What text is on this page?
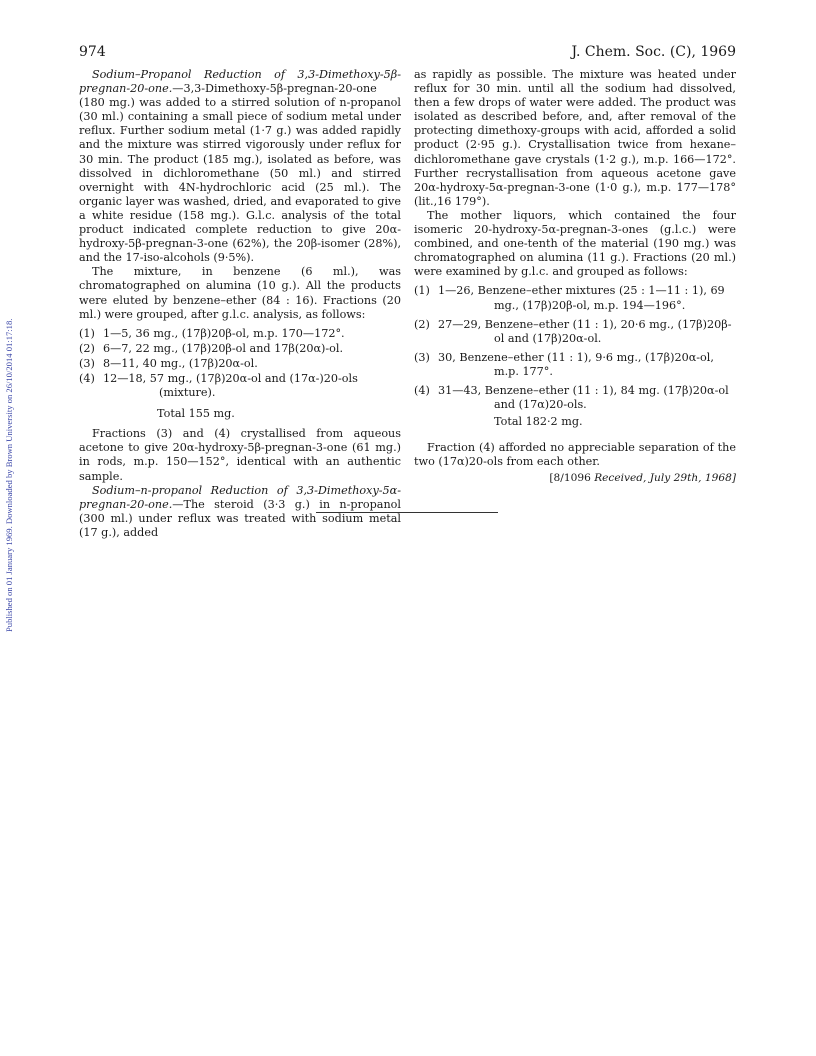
Published on 01 January 1969. Downloaded by Brown University on 26/10/2014 01:17:18.
974	J. Chem. Soc. (C), 1969

Sodium–Propanol Reduction of 3,3-Dimethoxy-5β-pregnan-20-one.—3,3-Dimethoxy-5β-pregnan-20-one (180 mg.) was added to a stirred solution of n-propanol (30 ml.) containing a small piece of sodium metal under reflux. Further sodium metal (1·7 g.) was added rapidly and the mixture was stirred vigorously under reflux for 30 min. The product (185 mg.), isolated as before, was dissolved in dichloromethane (50 ml.) and stirred overnight with 4N-hydrochloric acid (25 ml.). The organic layer was washed, dried, and evaporated to give a white residue (158 mg.). G.l.c. analysis of the total product indicated complete reduction to give 20α-hydroxy-5β-pregnan-3-one (62%), the 20β-isomer (28%), and the 17-iso-alcohols (9·5%).

The mixture, in benzene (6 ml.), was chromatographed on alumina (10 g.). All the products were eluted by benzene–ether (84 : 16). Fractions (20 ml.) were grouped, after g.l.c. analysis, as follows:

(1) 1—5, 36 mg., (17β)20β-ol, m.p. 170—172°.
(2) 6—7, 22 mg., (17β)20β-ol and 17β(20α)-ol.
(3) 8—11, 40 mg., (17β)20α-ol.
(4) 12—18, 57 mg., (17β)20α-ol and (17α-)20-ols (mixture).
Total 155 mg.

Fractions (3) and (4) crystallised from aqueous acetone to give 20α-hydroxy-5β-pregnan-3-one (61 mg.) in rods, m.p. 150—152°, identical with an authentic sample.

Sodium–n-propanol Reduction of 3,3-Dimethoxy-5α-pregnan-20-one.—The steroid (3·3 g.) in n-propanol (300 ml.) under reflux was treated with sodium metal (17 g.), added

as rapidly as possible. The mixture was heated under reflux for 30 min. until all the sodium had dissolved, then a few drops of water were added. The product was isolated as described before, and, after removal of the protecting dimethoxy-groups with acid, afforded a solid product (2·95 g.). Crystallisation twice from hexane–dichloromethane gave crystals (1·2 g.), m.p. 166—172°. Further recrystallisation from aqueous acetone gave 20α-hydroxy-5α-pregnan-3-one (1·0 g.), m.p. 177—178° (lit.,16 179°).

The mother liquors, which contained the four isomeric 20-hydroxy-5α-pregnan-3-ones (g.l.c.) were combined, and one-tenth of the material (190 mg.) was chromatographed on alumina (11 g.). Fractions (20 ml.) were examined by g.l.c. and grouped as follows:

(1) 1—26, Benzene–ether mixtures (25 : 1—11 : 1), 69 mg., (17β)20β-ol, m.p. 194—196°.
(2) 27—29, Benzene–ether (11 : 1), 20·6 mg., (17β)20β-ol and (17β)20α-ol.
(3) 30, Benzene–ether (11 : 1), 9·6 mg., (17β)20α-ol, m.p. 177°.
(4) 31—43, Benzene–ether (11 : 1), 84 mg. (17β)20α-ol and (17α)20-ols.
Total 182·2 mg.

Fraction (4) afforded no appreciable separation of the two (17α)20-ols from each other.

[8/1096 Received, July 29th, 1968]
